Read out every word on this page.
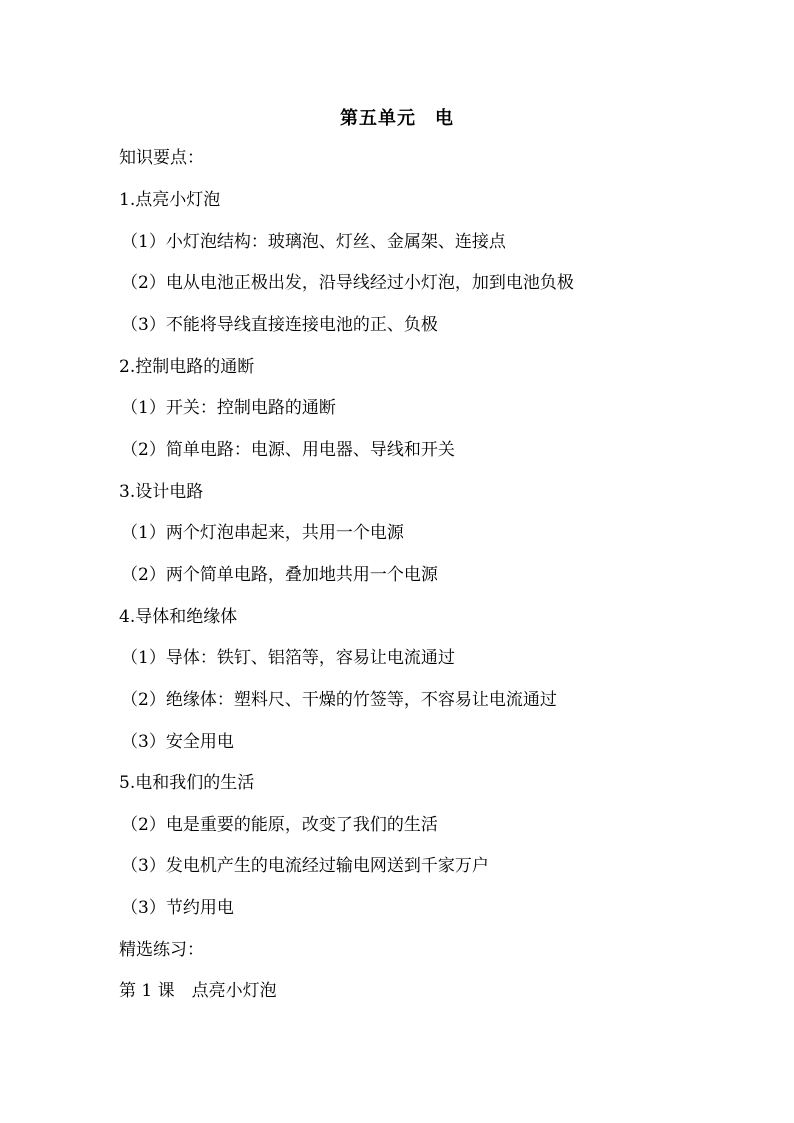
第五单元　电
知识要点：
1.点亮小灯泡
（1）小灯泡结构：玻璃泡、灯丝、金属架、连接点
（2）电从电池正极出发，沿导线经过小灯泡，加到电池负极
（3）不能将导线直接连接电池的正、负极
2.控制电路的通断
（1）开关：控制电路的通断
（2）简单电路：电源、用电器、导线和开关
3.设计电路
（1）两个灯泡串起来，共用一个电源
（2）两个简单电路，叠加地共用一个电源
4.导体和绝缘体
（1）导体：铁钉、铝箔等，容易让电流通过
（2）绝缘体：塑料尺、干燥的竹签等，不容易让电流通过
（3）安全用电
5.电和我们的生活
（2）电是重要的能原，改变了我们的生活
（3）发电机产生的电流经过输电网送到千家万户
（3）节约用电
精选练习：
第 1 课　点亮小灯泡
